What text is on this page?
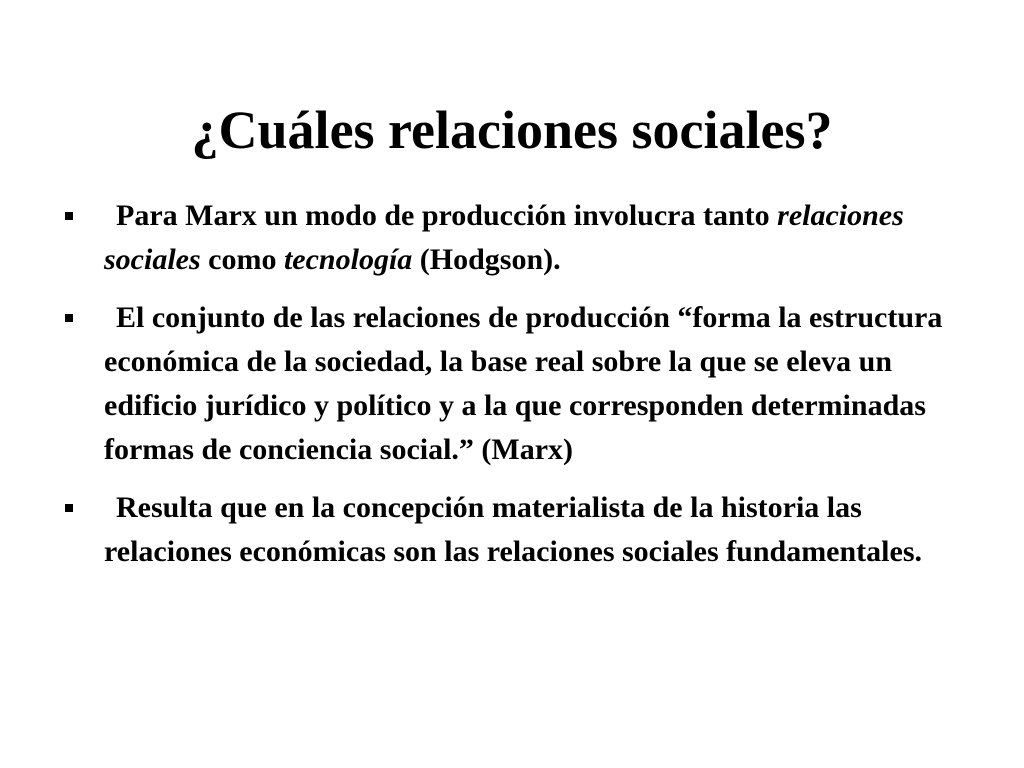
¿Cuáles relaciones sociales?
Para Marx un modo de producción involucra tanto relaciones sociales como tecnología (Hodgson).
El conjunto de las relaciones de producción “forma la estructura económica de la sociedad, la base real sobre la que se eleva un edificio jurídico y político y a la que corresponden determinadas formas de conciencia social.” (Marx)
Resulta que en la concepción materialista de la historia las relaciones económicas son las relaciones sociales fundamentales.
